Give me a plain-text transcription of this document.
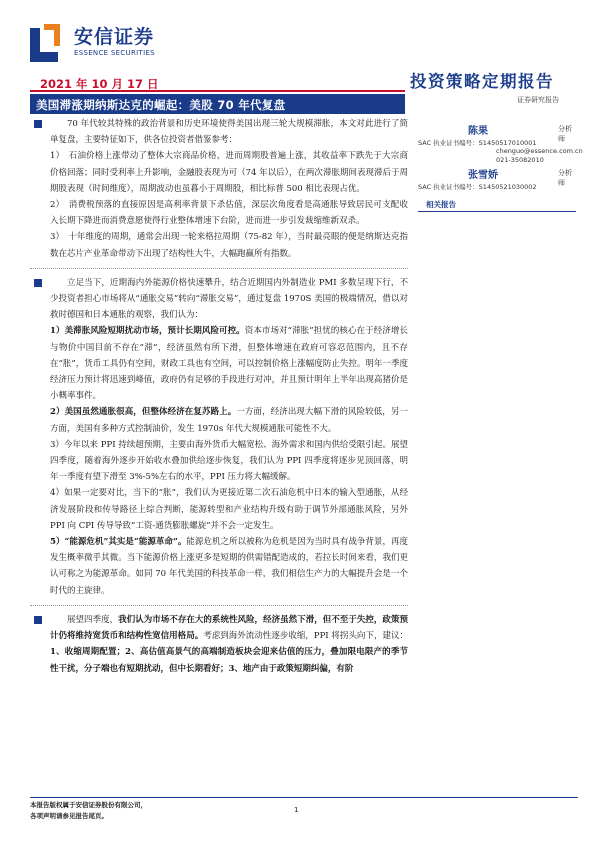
安信证券
ESSENCE SECURITIES
2021 年 10 月 17 日	投资策略定期报告
证券研究报告
美国滞涨期纳斯达克的崛起：美股 70 年代复盘

70 年代较其特殊的政治背景和历史环境使得美国出现三轮大规模滞胀，本文对此进行了简单复盘，主要特征如下，供各位投资者借鉴参考：

1）　石油价格上涨带动了整体大宗商品价格，进而周期股普遍上涨，其收益率下跌先于大宗商价格回落；同时受利率上升影响，金融股表现为可（74 年以后），在两次滞胀期间表现滞后于周期股表现（时间维度），周期波动也虽暮小于周期股，相比标普 500 相比表现占优。

2）　消费税预落的直接原因是高利率背景下杀估值，深层次角度看是高通胀导致居民可支配收入长期下降进而消费意愿使得行业整体增速下台阶，进而进一步引发裁缩维新双杀。

3）　十年维度的周期，通常会出现一轮来格拉周期（75-82 年），当时最亮眼的便是纳斯达克指数在芯片产业革命带动下出现了结构性大牛，大幅跑赢所有指数。

立足当下，近期海内外能源价格快速攀升，结合近期国内外制造业 PMI 多数呈现下行，不少投资者担心市场将从“通胀交易”转向“滞胀交易”，通过复盘 1970S 美国的极端情况，借以对救时德国和日本通胀的观察，我们认为：

1）美滞胀风险短期扰动市场，预计长期风险可控。资本市场对“滞胀”担忧的核心在于经济增长与物价中国目前不存在“滞”，经济虽然有所下滑，但整体增速在政府可容忍范围内，且不存在“胀”，货币工具仍有空间，财政工具也有空间，可以控制价格上涨幅度防止失控。明年一季度经济压力预计将迅速到峰值，政府仍有足够的手段进行对冲，并且预计明年上半年出现高猪价是小概率事件。

2）美国虽然通胀很高，但整体经济在复苏路上。一方面，经济出现大幅下滑的风险较低，另一方面，美国有多种方式控制油价，发生 1970s 年代大规模通胀可能性不大。

3）今年以来 PPI 持续超预期，主要由海外货币大幅宽松、海外需求和国内供给受限引起。展望四季度，随着海外逐步开始收水叠加供给逐步恢复，我们认为 PPI 四季度将逐步见顶回落，明年一季度有望下滑至 3%-5%左右的水平，PPI 压力将大幅缓解。

4）如果一定要对比，当下的“胀”，我们认为更接近第二次石油危机中日本的输入型通胀，从经济发展阶段和传导路径上综合判断，能源转型和产业结构升级有助于调节外部通胀风险，另外 PPI 向 CPI 传导导致“工资-通货膨胀螺旋”并不会一定发生。

5）“能源危机”其实是“能源革命”。能源危机之所以被称为危机是因为当时具有战争背景，再度发生概率微乎其微。当下能源价格上涨更多是短期的供需错配造成的，若拉长时间来看，我们更认可称之为能源革命。如同 70 年代美国的科技革命一样，我们相信生产力的大幅提升会是一个时代的主旋律。

展望四季度，我们认为市场不存在大的系统性风险，经济虽然下滑，但不至于失控，政策预计仍将维持宽货币和结构性宽信用格局。考虑到海外流动性逐步收缩，PPI 将拐头向下，建议：1、收缩周期配置；2、高估值高景气的高端制造板块会迎来估值的压力，叠加限电限产的季节性干扰，分子端也有短期扰动，但中长期看好；3、地产由于政策短期纠偏，有阶

陈果	分析师
SAC 执业证书编号：S1450517010001
chenguo@essence.com.cn
021-35082010
张雪娇	分析师
SAC 执业证书编号：S1450521030002
相关报告
本报告版权属于安信证券股份有限公司，
各项声明请参见报告尾页。
1
